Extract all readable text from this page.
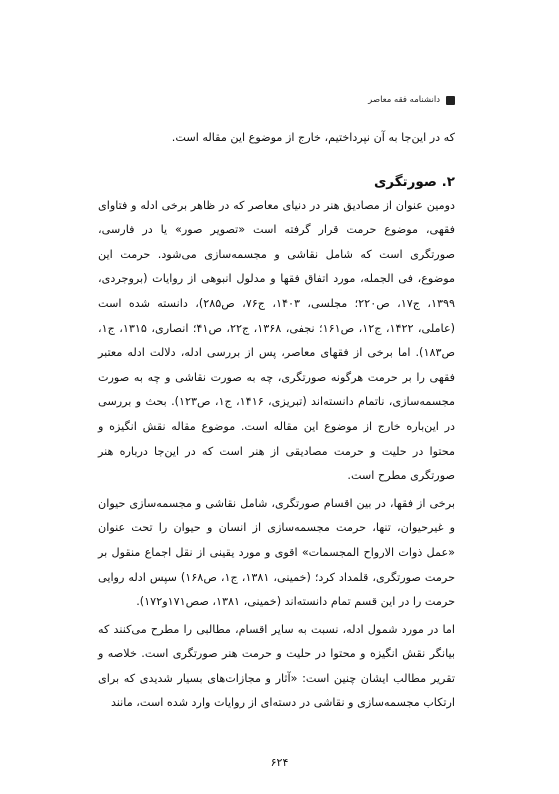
دانشنامه فقه معاصر

که در این‌جا به آن نپرداختیم، خارج از موضوع این مقاله است.

۲. صورتگری

دومین عنوان از مصادیق هنر در دنیای معاصر که در ظاهر برخی ادله و فتاوای فقهی، موضوع حرمت قرار گرفته است «تصویر صور» یا در فارسی، صورتگری است که شامل نقاشی و مجسمه‌سازی می‌شود. حرمت این موضوع، فی الجمله، مورد اتفاق فقها و مدلول انبوهی از روایات (بروجردی، ۱۳۹۹، ج۱۷، ص۲۲۰؛ مجلسی، ۱۴۰۳، ج۷۶، ص۲۸۵)، دانسته شده است (عاملی، ۱۴۲۲، ج۱۲، ص۱۶۱؛ نجفی، ۱۳۶۸، ج۲۲، ص۴۱؛ انصاری، ۱۳۱۵، ج۱، ص۱۸۳). اما برخی از فقهای معاصر، پس از بررسی ادله، دلالت ادله معتبر فقهی را بر حرمت هرگونه صورتگری، چه به صورت نقاشی و چه به صورت مجسمه‌سازی، ناتمام دانسته‌اند (تبریزی، ۱۴۱۶، ج۱، ص۱۲۳). بحث و بررسی در این‌باره خارج از موضوع این مقاله است. موضوع مقاله نقش انگیزه و محتوا در حلیت و حرمت مصادیقی از هنر است که در این‌جا درباره هنر صورتگری مطرح است.

برخی از فقها، در بین اقسام صورتگری، شامل نقاشی و مجسمه‌سازی حیوان و غیرحیوان، تنها، حرمت مجسمه‌سازی از انسان و حیوان را تحت عنوان «عمل ذوات الارواح المجسمات» اقوی و مورد یقینی از نقل اجماع منقول بر حرمت صورتگری، قلمداد کرد؛ (خمینی، ۱۳۸۱، ج۱، ص۱۶۸) سپس ادله روایی حرمت را در این قسم تمام دانسته‌اند (خمینی، ۱۳۸۱، صص۱۷۱و۱۷۲).

اما در مورد شمول ادله، نسبت به سایر اقسام، مطالبی را مطرح می‌کنند که بیانگر نقش انگیزه و محتوا در حلیت و حرمت هنر صورتگری است. خلاصه و تقریر مطالب ایشان چنین است: «آثار و مجازات‌های بسیار شدیدی که برای ارتکاب مجسمه‌سازی و نقاشی در دسته‌ای از روایات وارد شده است، مانند

۶۲۴
